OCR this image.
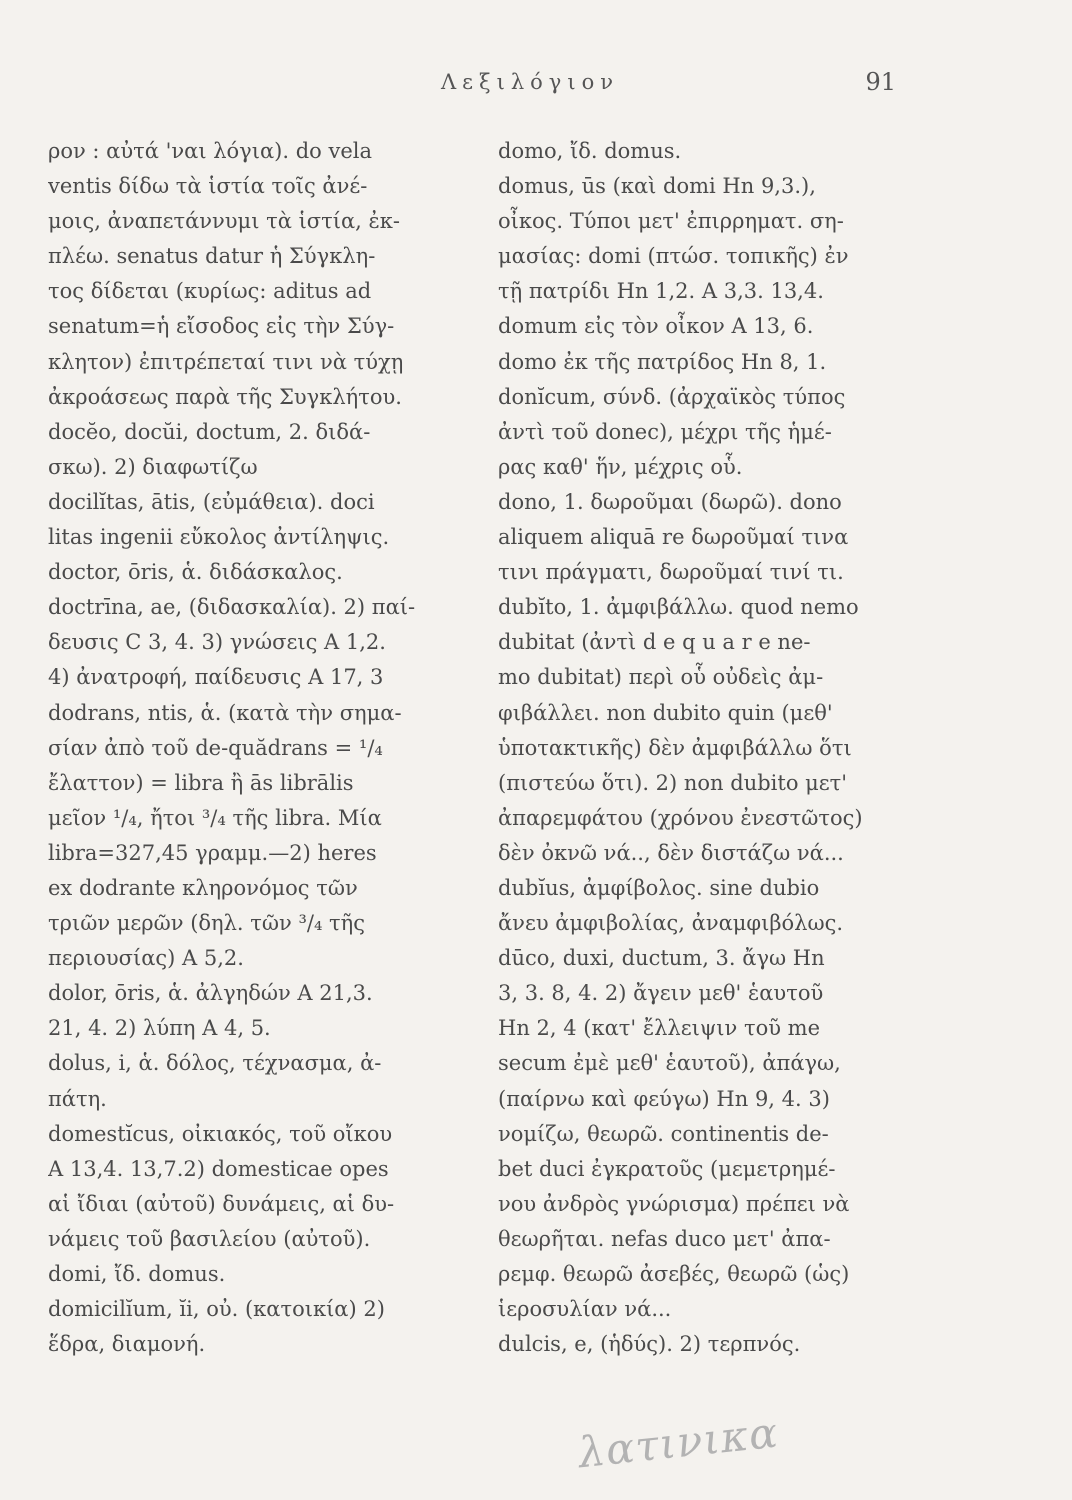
Λεξιλόγιον	91
ρον : αὐτά 'ναι λόγια). do vela
ventis δίδω τὰ ἱστία τοῖς ἀνέ-
μοις, ἀναπετάννυμι τὰ ἱστία, ἐκ-
πλέω. senatus datur ἡ Σύγκλη-
τος δίδεται (κυρίως: aditus ad
senatum=ἡ εἴσοδος εἰς τὴν Σύγ-
κλητον) ἐπιτρέπεταί τινι νὰ τύχῃ
ἀκροάσεως παρὰ τῆς Συγκλήτου.
docĕo, docŭi, doctum, 2. διδά-
σκω). 2) διαφωτίζω
docilĭtas, ātis, (εὐμάθεια). doci
litas ingenii εὔκολος ἀντίληψις.
doctor, ōris, ἁ. διδάσκαλος.
doctrīna, ae, (διδασκαλία). 2) παί-
δευσις C 3, 4. 3) γνώσεις A 1,2.
4) ἀνατροφή, παίδευσις A 17, 3
dodrans, ntis, ἁ. (κατὰ τὴν σημα-
σίαν ἀπὸ τοῦ de-quădrans = ¹/₄
ἔλαττον) = libra ἢ ās librālis
μεῖον ¹/₄, ἤτοι ³/₄ τῆς libra. Μία
libra=327,45 γραμμ.—2) heres
ex dodrante κληρονόμος τῶν
τριῶν μερῶν (δηλ. τῶν ³/₄ τῆς
περιουσίας) A 5,2.
dolor, ōris, ἁ. ἀλγηδών A 21,3.
21, 4. 2) λύπη A 4, 5.
dolus, i, ἁ. δόλος, τέχνασμα, ἀ-
πάτη.
domestĭcus, οἰκιακός, τοῦ οἴκου
A 13,4. 13,7.2) domesticae opes
αἱ ἴδιαι (αὐτοῦ) δυνάμεις, αἱ δυ-
νάμεις τοῦ βασιλείου (αὐτοῦ).
domi, ἴδ. domus.
domicilĭum, ĭi, οὐ. (κατοικία) 2)
ἕδρα, διαμονή.
domo, ἴδ. domus.
domus, ūs (καὶ domi Hn 9,3.),
οἶκος. Τύποι μετ' ἐπιρρηματ. ση-
μασίας: domi (πτώσ. τοπικῆς) ἐν
τῇ πατρίδι Hn 1,2. A 3,3. 13,4.
domum εἰς τὸν οἶκον A 13, 6.
domo ἐκ τῆς πατρίδος Hn 8, 1.
donĭcum, σύνδ. (ἀρχαϊκὸς τύπος
ἀντὶ τοῦ donec), μέχρι τῆς ἡμέ-
ρας καθ' ἥν, μέχρις οὗ.
dono, 1. δωροῦμαι (δωρῶ). dono
aliquem aliquā re δωροῦμαί τινα
τινι πράγματι, δωροῦμαί τινί τι.
dubĭto, 1. ἀμφιβάλλω. quod nemo
dubitat (ἀντὶ d e q u a r e ne-
mo dubitat) περὶ οὗ οὐδεὶς ἀμ-
φιβάλλει. non dubito quin (μεθ'
ὑποτακτικῆς) δὲν ἀμφιβάλλω ὅτι
(πιστεύω ὅτι). 2) non dubito μετ'
ἀπαρεμφάτου (χρόνου ἐνεστῶτος)
δὲν ὀκνῶ νά.., δὲν διστάζω νά...
dubĭus, ἀμφίβολος. sine dubio
ἄνευ ἀμφιβολίας, ἀναμφιβόλως.
dūco, duxi, ductum, 3. ἄγω Hn
3, 3. 8, 4. 2) ἄγειν μεθ' ἑαυτοῦ
Hn 2, 4 (κατ' ἔλλειψιν τοῦ me
secum ἐμὲ μεθ' ἑαυτοῦ), ἀπάγω,
(παίρνω καὶ φεύγω) Hn 9, 4. 3)
νομίζω, θεωρῶ. continentis de-
bet duci ἐγκρατοῦς (μεμετρημέ-
νου ἀνδρὸς γνώρισμα) πρέπει νὰ
θεωρῆται. nefas duco μετ' ἀπα-
ρεμφ. θεωρῶ ἀσεβές, θεωρῶ (ὡς)
ἱεροσυλίαν νά...
dulcis, e, (ἡδύς). 2) τερπνός.
λατινικα
